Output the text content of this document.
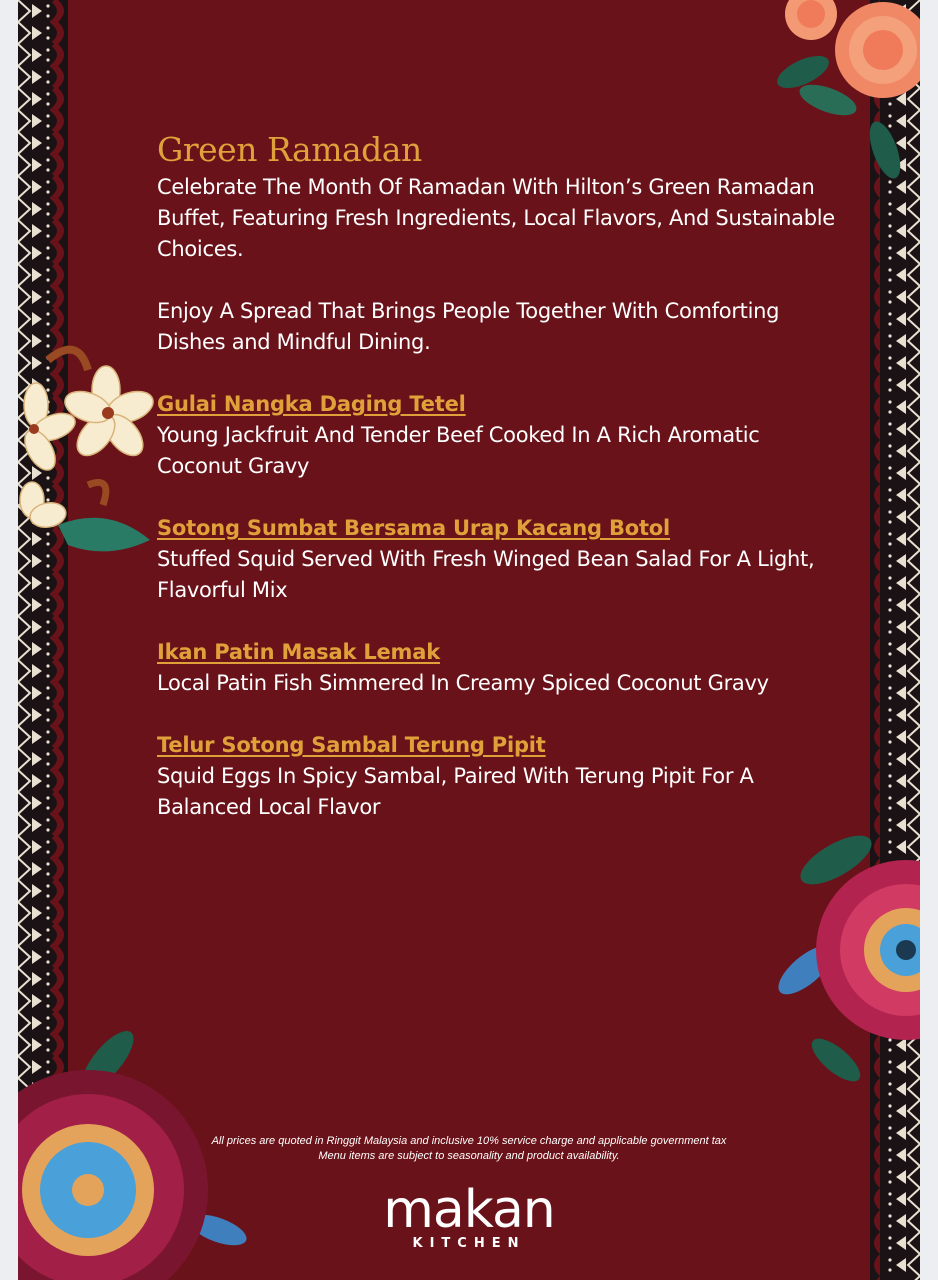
Green Ramadan

Celebrate The Month Of Ramadan With Hilton’s Green Ramadan Buffet, Featuring Fresh Ingredients, Local Flavors, And Sustainable Choices.

Enjoy A Spread That Brings People Together With Comforting Dishes and Mindful Dining.

Gulai Nangka Daging Tetel

Young Jackfruit And Tender Beef Cooked In A Rich Aromatic Coconut Gravy

Sotong Sumbat Bersama Urap Kacang Botol

Stuffed Squid Served With Fresh Winged Bean Salad For A Light, Flavorful Mix

Ikan Patin Masak Lemak

Local Patin Fish Simmered In Creamy Spiced Coconut Gravy

Telur Sotong Sambal Terung Pipit

Squid Eggs In Spicy Sambal, Paired With Terung Pipit For A Balanced Local Flavor

All prices are quoted in Ringgit Malaysia and inclusive 10% service charge and applicable government tax
Menu items are subject to seasonality and product availability.
makan
KITCHEN
